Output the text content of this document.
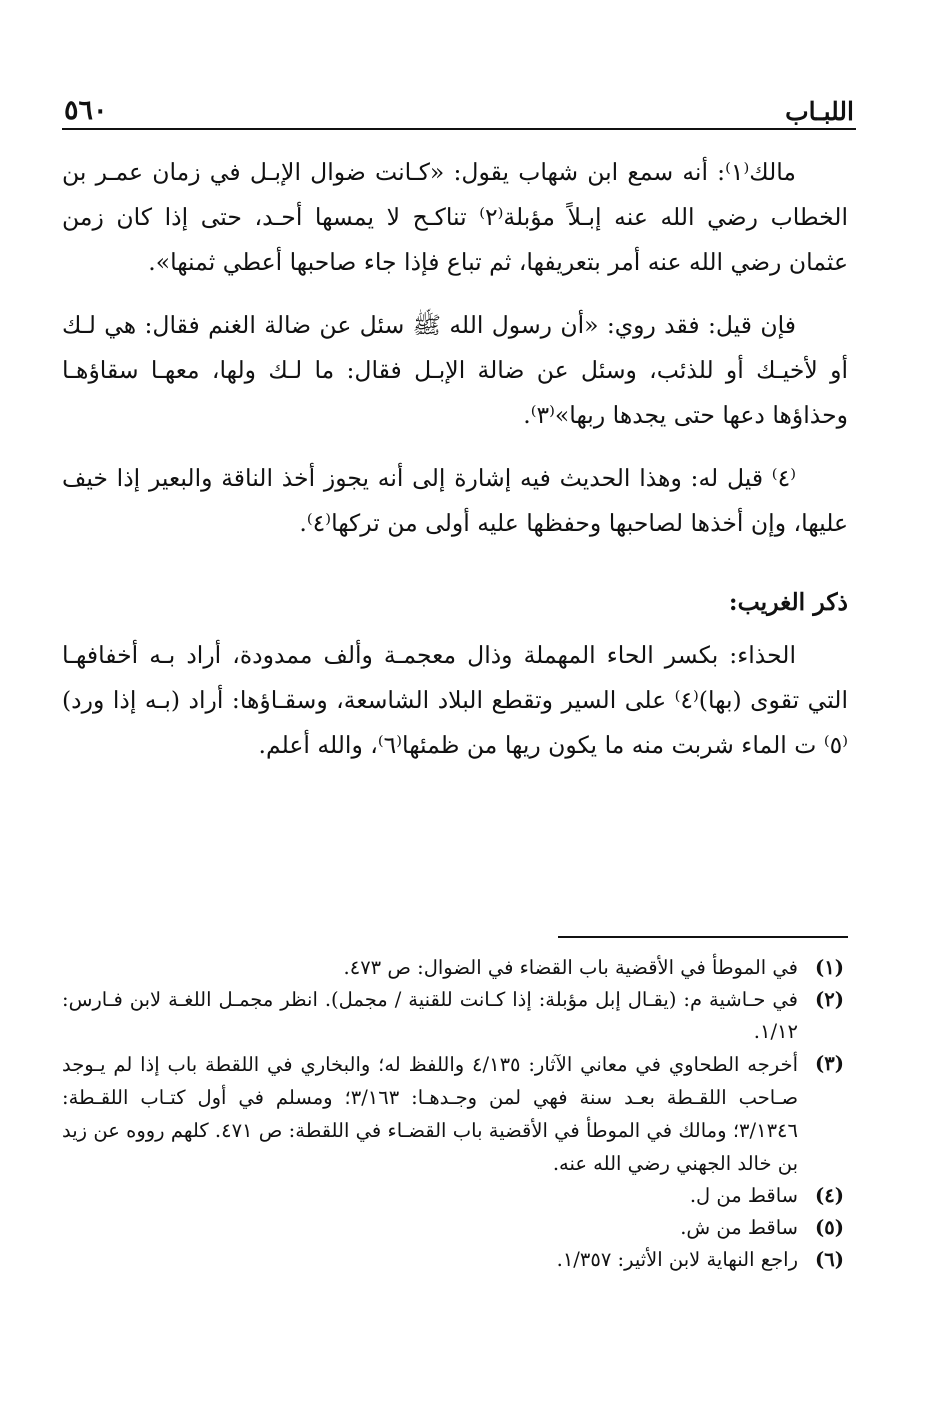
اللبـاب
٥٦٠

مالك⁽١⁾: أنه سمع ابن شهاب يقول: «كـانت ضوال الإبـل في زمان عمـر بن الخطاب رضي الله عنه إبـلاً مؤبلة⁽٢⁾ تناكـح لا يمسها أحـد، حتى إذا كان زمن عثمان رضي الله عنه أمر بتعريفها، ثم تباع فإذا جاء صاحبها أعطي ثمنها».

فإن قيل: فقد روي: «أن رسول الله ﷺ سئل عن ضالة الغنم فقال: هي لـك أو لأخيـك أو للذئب، وسئل عن ضالة الإبـل فقال: ما لـك ولها، معهـا سقاؤهـا وحذاؤها دعها حتى يجدها ربها»⁽٣⁾.

⁽٤⁾ قيل له: وهذا الحديث فيه إشارة إلى أنه يجوز أخذ الناقة والبعير إذا خيف عليها، وإن أخذها لصاحبها وحفظها عليه أولى من تركها⁽٤⁾.

ذكر الغريب:

الحذاء: بكسر الحاء المهملة وذال معجمـة وألف ممدودة، أراد بـه أخفافهـا التي تقوى (بها)⁽٤⁾ على السير وتقطع البلاد الشاسعة، وسقـاؤها: أراد (بـه إذا ورد)⁽٥⁾ ت الماء شربت منه ما يكون ريها من ظمئها⁽٦⁾، والله أعلم.

(١)
في الموطأ في الأقضية باب القضاء في الضوال: ص ٤٧٣.
(٢)
في حـاشية م: (يقـال إبل مؤبلة: إذا كـانت للقنية / مجمل). انظر مجمـل اللغـة لابن فـارس: ١/١٢.
(٣)
أخرجه الطحاوي في معاني الآثار: ٤/١٣٥ واللفظ له؛ والبخاري في اللقطة باب إذا لم يـوجد صـاحب اللقـطة بعـد سنة فهي لمن وجـدهـا: ٣/١٦٣؛ ومسلم في أول كتـاب اللقـطة: ٣/١٣٤٦؛ ومالك في الموطأ في الأقضية باب القضـاء في اللقطة: ص ٤٧١. كلهم رووه عن زيد بن خالد الجهني رضي الله عنه.
(٤)
ساقط من ل.
(٥)
ساقط من ش.
(٦)
راجع النهاية لابن الأثير: ١/٣٥٧.
